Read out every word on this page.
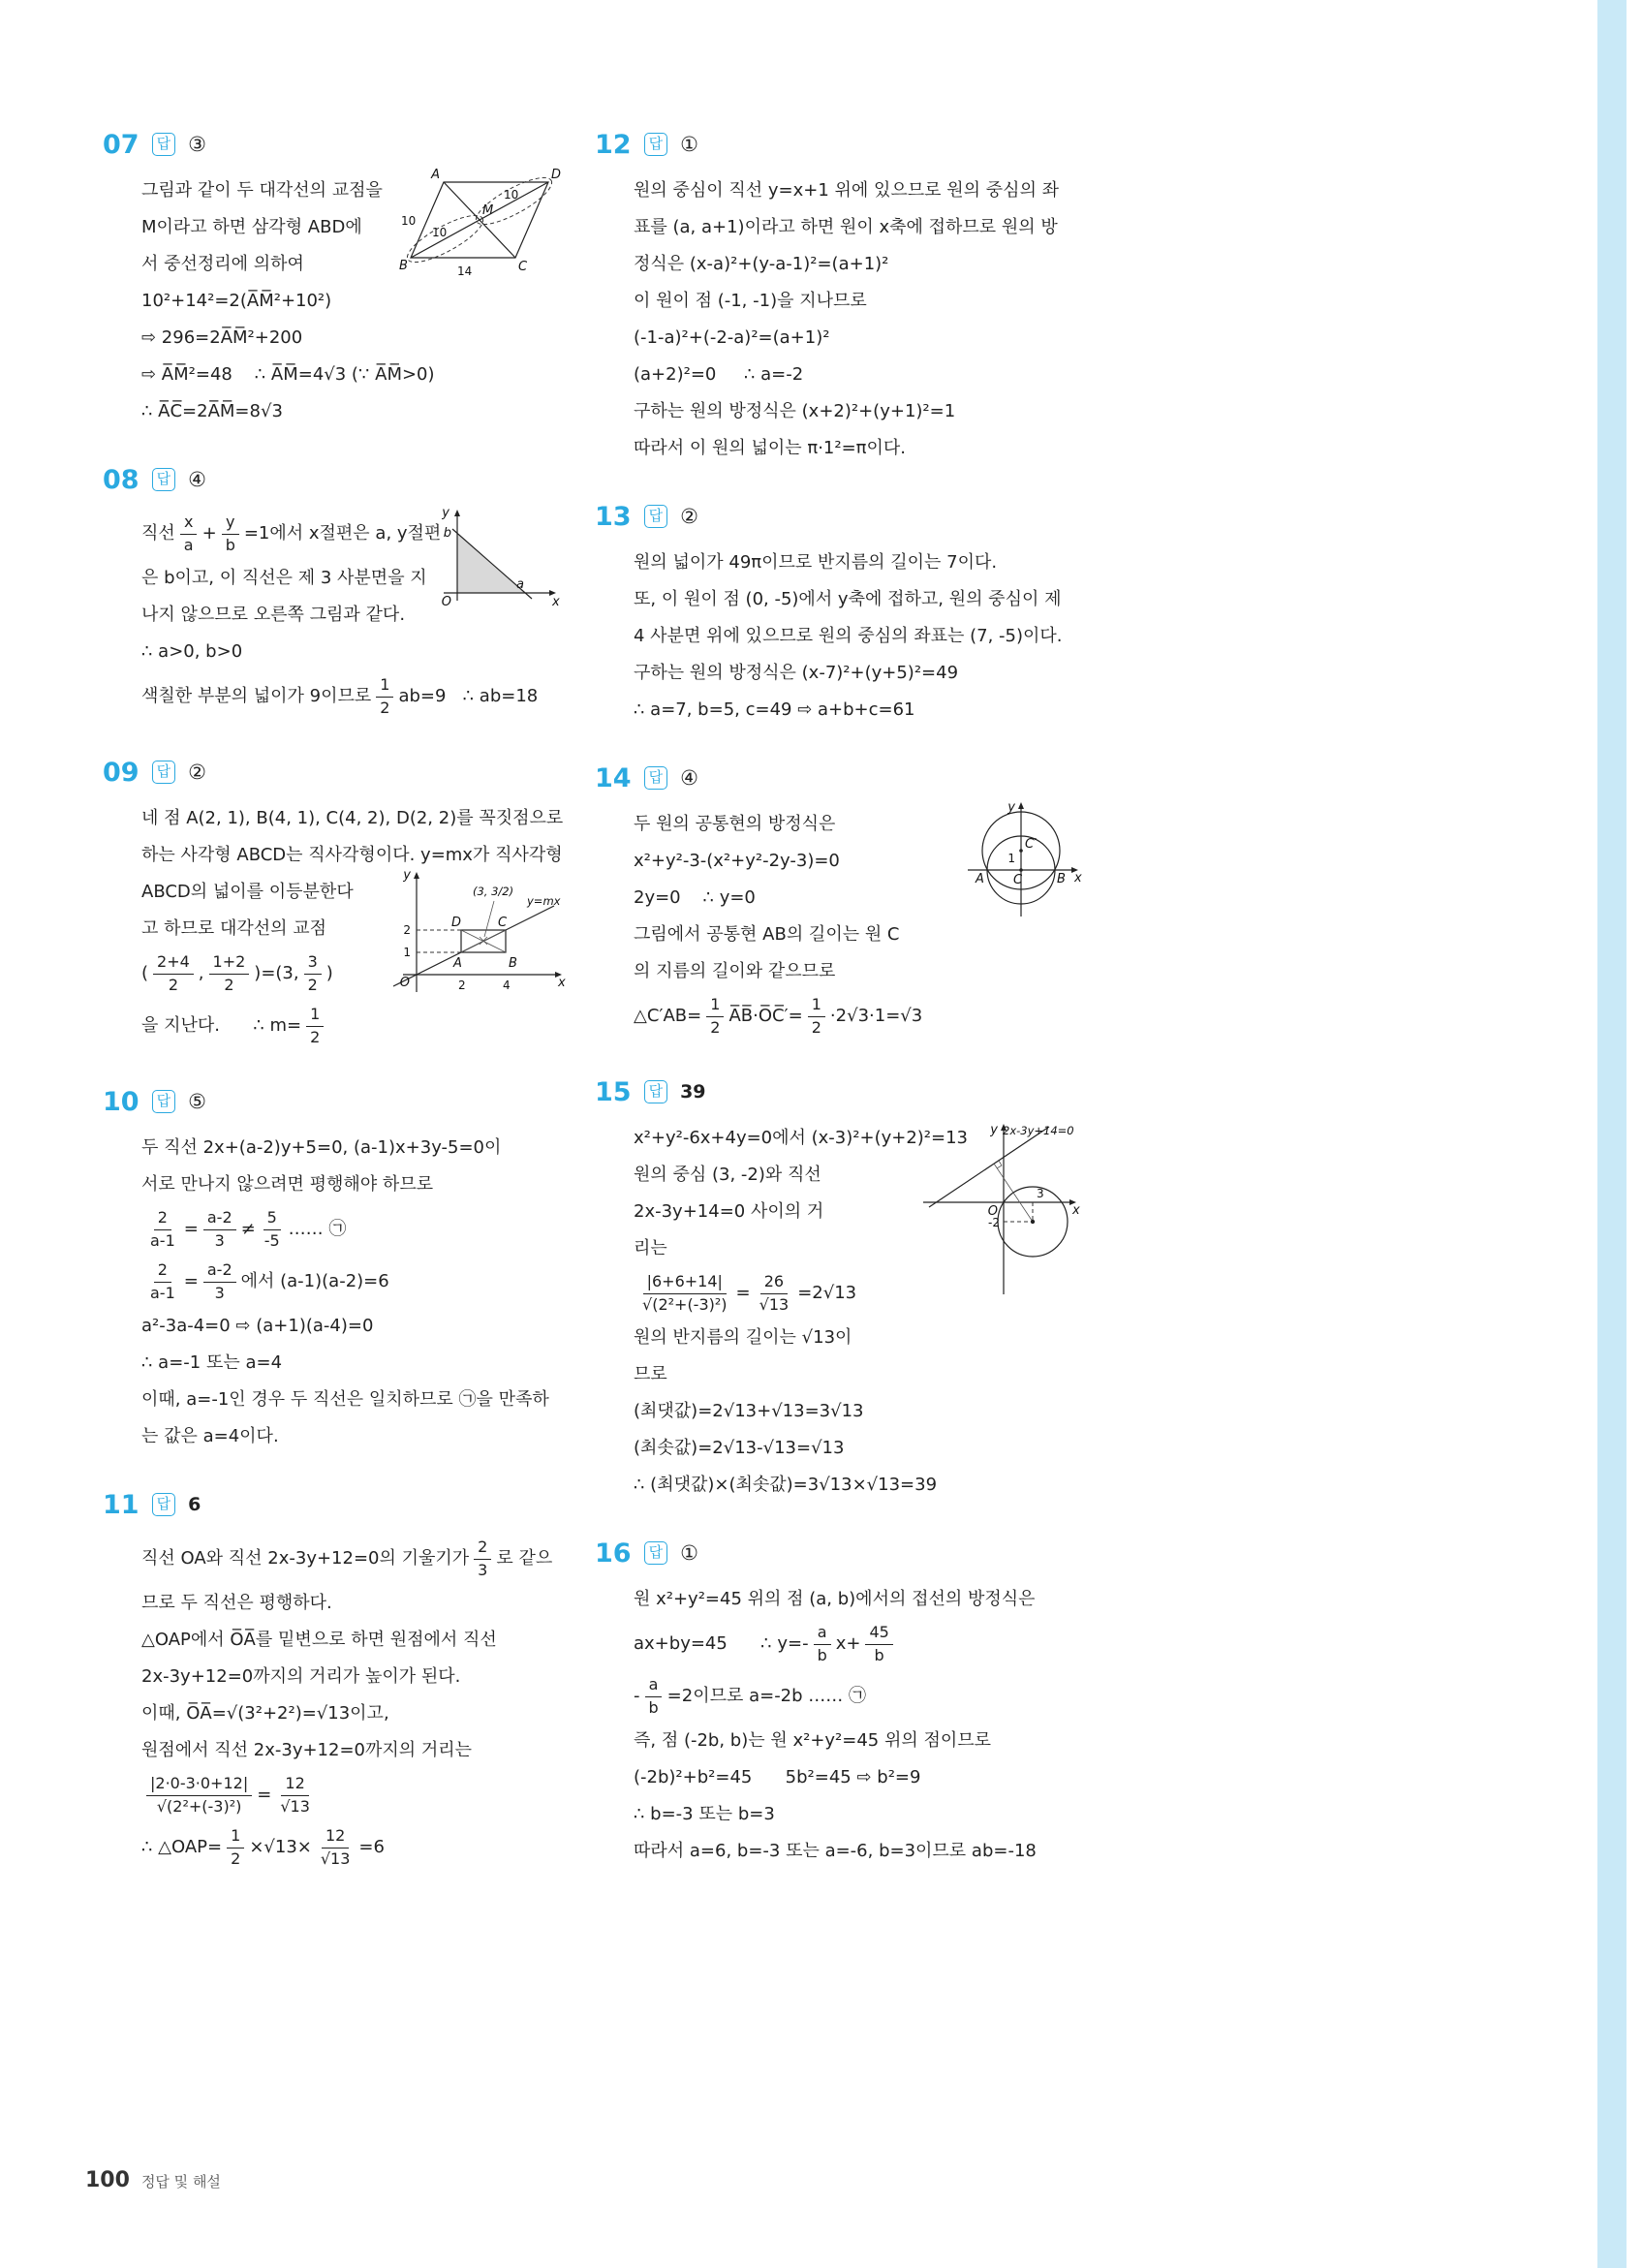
07	답 ③
그림과 같이 두 대각선의 교점을
M이라고 하면 삼각형 ABD에
서 중선정리에 의하여
10²+14²=2(A̅M̅²+10²)
⇨ 296=2A̅M̅²+200
⇨ A̅M̅²=48    ∴ A̅M̅=4√3 (∵ A̅M̅>0)
∴ A̅C̅=2A̅M̅=8√3
A	D
M
B	C
10
10
10
14
08	답 ④
직선 $\frac{x}{a} + \frac{y}{b} =1$에서 x절편은 a, y절편
은 b이고, 이 직선은 제 3 사분면을 지
나지 않으므로 오른쪽 그림과 같다.
∴ a>0, b>0
색칠한 부분의 넓이가 9이므로 $\frac{1}{2} ab=9$   ∴ ab=18
y
b
O
a
x
09	답 ②
네 점 A(2, 1), B(4, 1), C(4, 2), D(2, 2)를 꼭짓점으로
하는 사각형 ABCD는 직사각형이다. y=mx가 직사각형
ABCD의 넓이를 이등분한다
고 하므로 대각선의 교점
( $\frac{2+4}{2}$ , $\frac{1+2}{2} )=(3$, $\frac{3}{2}$ )
을 지난다.      ∴ $m= \frac{1}{2}$
y
x
O
2
1
2	4
D	C
A	B
(3, 3/2)
y=mx
10	답 ⑤
두 직선 2x+(a-2)y+5=0, (a-1)x+3y-5=0이
서로 만나지 않으려면 평행해야 하므로
$\frac{2}{a-1} = \frac{a-2}{3} \ne \frac{5}{-5}$ …… ㉠
$\frac{2}{a-1} = \frac{a-2}{3}$ 에서 (a-1)(a-2)=6
a²-3a-4=0 ⇨ (a+1)(a-4)=0
∴ a=-1 또는 a=4
이때, a=-1인 경우 두 직선은 일치하므로 ㉠을 만족하
는 값은 a=4이다.
11	답 6
직선 OA와 직선 2x-3y+12=0의 기울기가 $\frac{2}{3}$ 로 같으
므로 두 직선은 평행하다.
△OAP에서 O̅A̅를 밑변으로 하면 원점에서 직선
2x-3y+12=0까지의 거리가 높이가 된다.
이때, O̅A̅=√(3²+2²)=√13이고,
원점에서 직선 2x-3y+12=0까지의 거리는
$\frac{|2\cdot 0-3\cdot 0+12|}{\text{√(2²+(-3)²)}} = \frac{12}{√13}$
∴ △OAP= $\frac{1}{2} \times√13\times \frac{12}{√13} =6$
12	답 ①
원의 중심이 직선 y=x+1 위에 있으므로 원의 중심의 좌
표를 (a, a+1)이라고 하면 원이 x축에 접하므로 원의 방
정식은 (x-a)²+(y-a-1)²=(a+1)²
이 원이 점 (-1, -1)을 지나므로
(-1-a)²+(-2-a)²=(a+1)²
(a+2)²=0     ∴ a=-2
구하는 원의 방정식은 (x+2)²+(y+1)²=1
따라서 이 원의 넓이는 π·1²=π이다.
13	답 ②
원의 넓이가 49π이므로 반지름의 길이는 7이다.
또, 이 원이 점 (0, -5)에서 y축에 접하고, 원의 중심이 제
4 사분면 위에 있으므로 원의 중심의 좌표는 (7, -5)이다.
구하는 원의 방정식은 (x-7)²+(y+5)²=49
∴ a=7, b=5, c=49 ⇨ a+b+c=61
14	답 ④
두 원의 공통현의 방정식은
x²+y²-3-(x²+y²-2y-3)=0
2y=0    ∴ y=0
그림에서 공통현 AB의 길이는 원 C
의 지름의 길이와 같으므로
△C′AB= $\frac{1}{2}$ A̅B̅·O̅C̅′= $\frac{1}{2} \cdot 2√3\cdot 1=√3$
y
x
A	B
C
C′
1
15	답 39
x²+y²-6x+4y=0에서 (x-3)²+(y+2)²=13
원의 중심 (3, -2)와 직선
2x-3y+14=0 사이의 거
리는
$\frac{|6+6+14|}{\text{√(2²+(-3)²)}} = \frac{26}{√13} =2√13$
원의 반지름의 길이는 √13이
므로
(최댓값)=2√13+√13=3√13
(최솟값)=2√13-√13=√13
∴ (최댓값)×(최솟값)=3√13×√13=39
y 2x-3y+14=0
x
O
3
-2
16	답 ①
원 x²+y²=45 위의 점 (a, b)에서의 접선의 방정식은
ax+by=45      ∴ $y=- \frac{a}{b} x+ \frac{45}{b}$
- $\frac{a}{b} =2$이므로 a=-2b …… ㉠
즉, 점 (-2b, b)는 원 x²+y²=45 위의 점이므로
(-2b)²+b²=45      5b²=45 ⇨ b²=9
∴ b=-3 또는 b=3
따라서 a=6, b=-3 또는 a=-6, b=3이므로 ab=-18
100 정답 및 해설
